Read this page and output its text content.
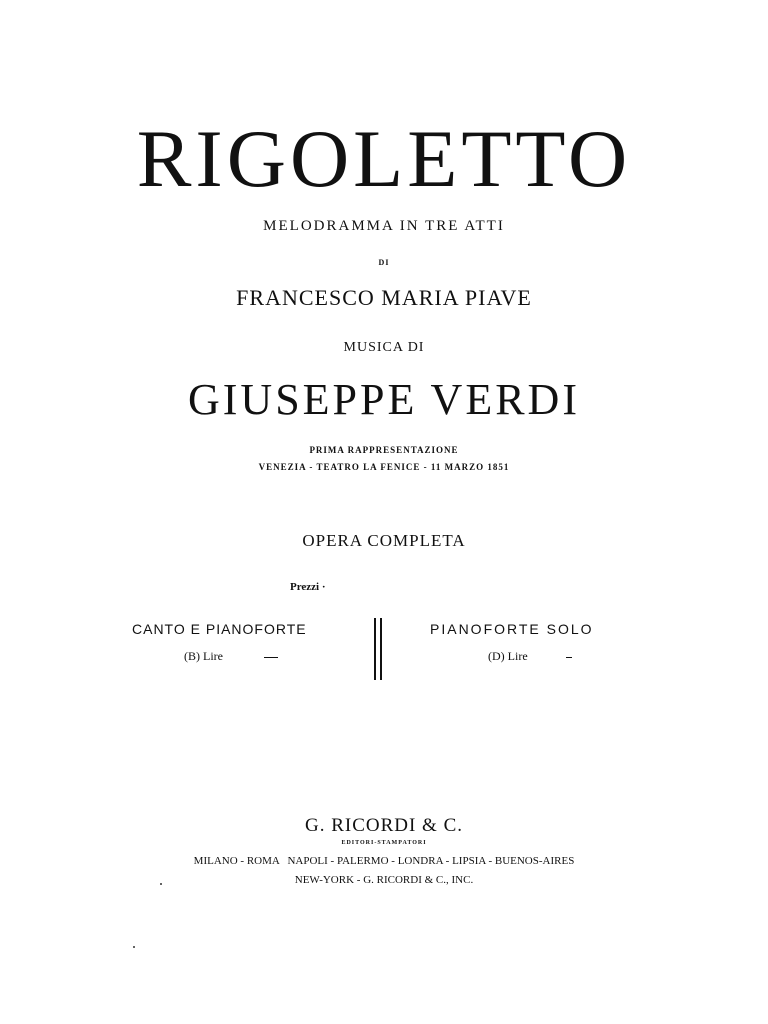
RIGOLETTO
MELODRAMMA IN TRE ATTI
DI
FRANCESCO MARIA PIAVE
MUSICA DI
GIUSEPPE VERDI
PRIMA RAPPRESENTAZIONE
VENEZIA - TEATRO LA FENICE - 11 MARZO 1851
OPERA COMPLETA
Prezzi ·
CANTO E PIANOFORTE
(B) Lire
PIANOFORTE SOLO
(D) Lire
G. RICORDI & C.
EDITORI-STAMPATORI
MILANO - ROMA   NAPOLI - PALERMO - LONDRA - LIPSIA - BUENOS-AIRES
NEW-YORK - G. RICORDI & C., INC.
